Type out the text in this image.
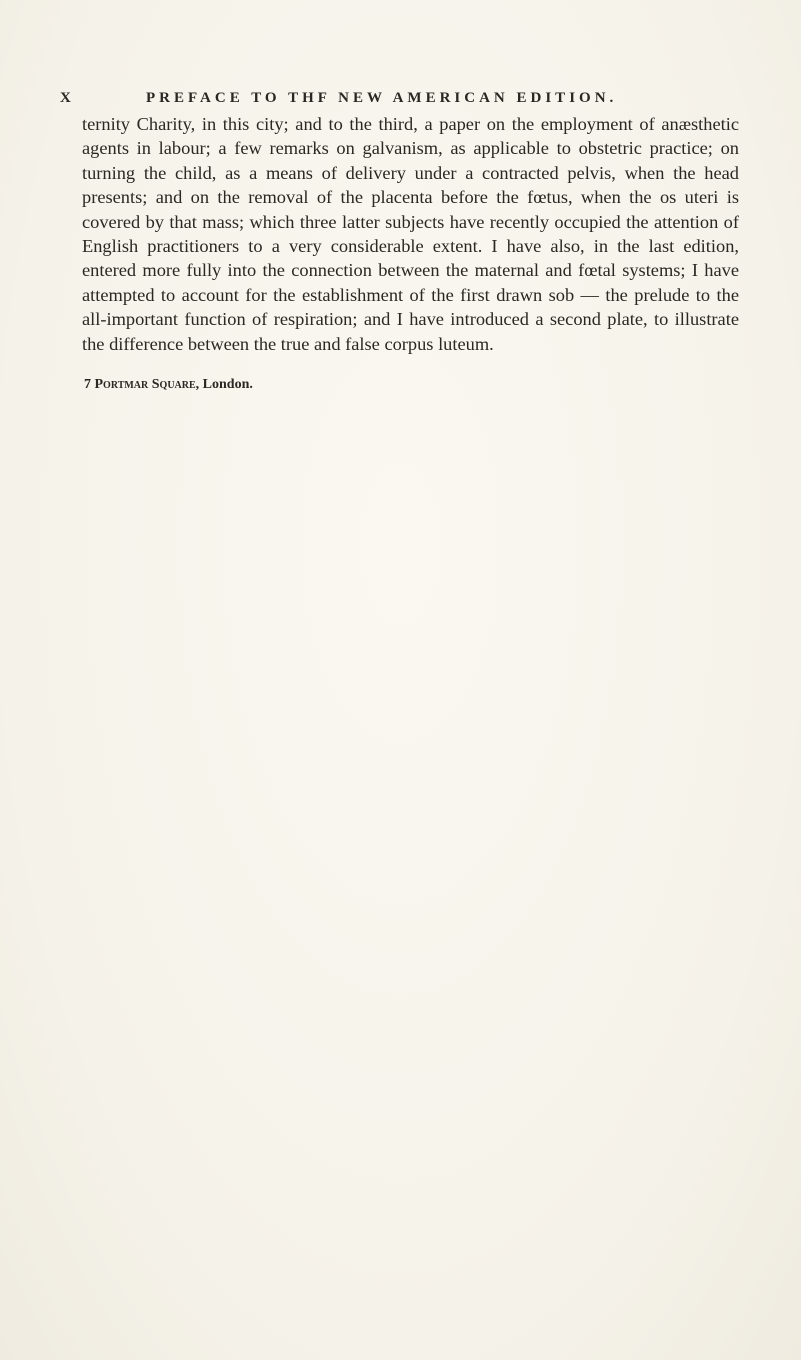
X	PREFACE TO THF NEW AMERICAN EDITION.

ternity Charity, in this city; and to the third, a paper on the employment of anæsthetic agents in labour; a few remarks on galvanism, as applicable to obstetric practice; on turning the child, as a means of delivery under a contracted pelvis, when the head presents; and on the removal of the placenta before the fœtus, when the os uteri is covered by that mass; which three latter subjects have recently occupied the attention of English practitioners to a very considerable extent. I have also, in the last edition, entered more fully into the connection between the maternal and fœtal systems; I have attempted to account for the establishment of the first drawn sob — the prelude to the all-important function of respiration; and I have introduced a second plate, to illustrate the difference between the true and false corpus luteum.

7 Portmar Square, London.
